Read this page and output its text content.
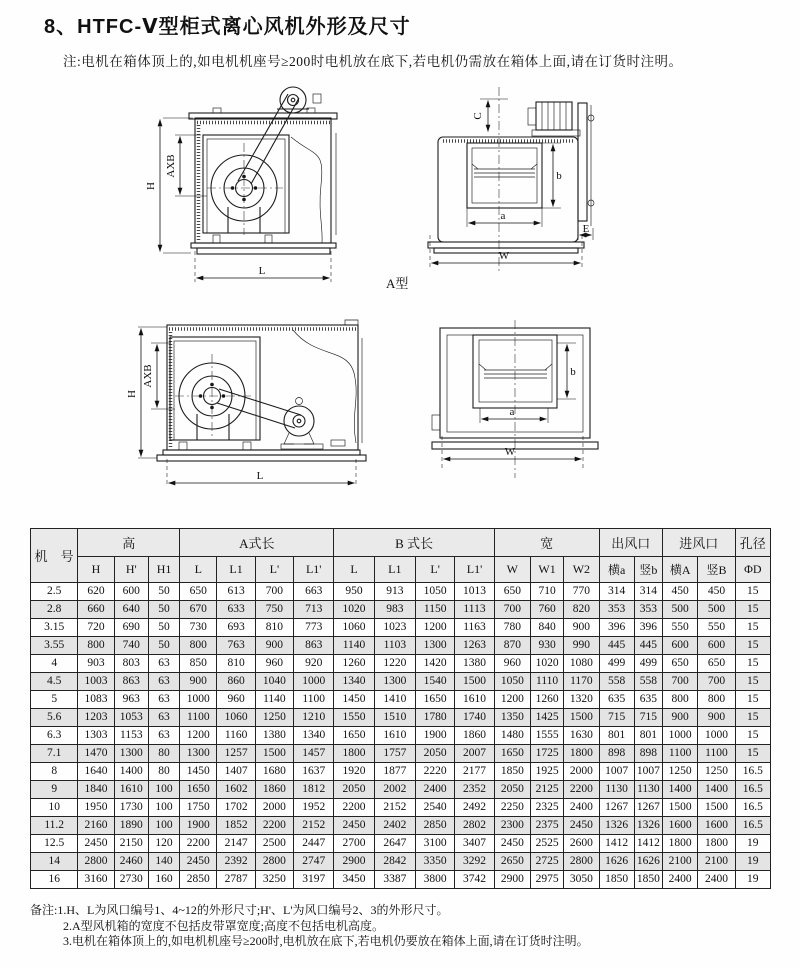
8、HTFC-Ⅴ型柜式离心风机外形及尺寸
注:电机在箱体顶上的,如电机机座号≥200时电机放在底下,若电机仍需放在箱体上面,请在订货时注明。
H
AXB
L
C
b
a
E
W
A型
H
AXB
L
b
a
W
机　号	高			A式长				B 式长				宽			出风口		进风口		孔径
	H	H'	H1	L	L1	L'	L1'	L	L1	L'	L1'	W	W1	W2	横a	竖b	横A	竖B	ΦD
2.5	620	600	50	650	613	700	663	950	913	1050	1013	650	710	770	314	314	450	450	15
2.8	660	640	50	670	633	750	713	1020	983	1150	1113	700	760	820	353	353	500	500	15
3.15	720	690	50	730	693	810	773	1060	1023	1200	1163	780	840	900	396	396	550	550	15
3.55	800	740	50	800	763	900	863	1140	1103	1300	1263	870	930	990	445	445	600	600	15
4	903	803	63	850	810	960	920	1260	1220	1420	1380	960	1020	1080	499	499	650	650	15
4.5	1003	863	63	900	860	1040	1000	1340	1300	1540	1500	1050	1110	1170	558	558	700	700	15
5	1083	963	63	1000	960	1140	1100	1450	1410	1650	1610	1200	1260	1320	635	635	800	800	15
5.6	1203	1053	63	1100	1060	1250	1210	1550	1510	1780	1740	1350	1425	1500	715	715	900	900	15
6.3	1303	1153	63	1200	1160	1380	1340	1650	1610	1900	1860	1480	1555	1630	801	801	1000	1000	15
7.1	1470	1300	80	1300	1257	1500	1457	1800	1757	2050	2007	1650	1725	1800	898	898	1100	1100	15
8	1640	1400	80	1450	1407	1680	1637	1920	1877	2220	2177	1850	1925	2000	1007	1007	1250	1250	16.5
9	1840	1610	100	1650	1602	1860	1812	2050	2002	2400	2352	2050	2125	2200	1130	1130	1400	1400	16.5
10	1950	1730	100	1750	1702	2000	1952	2200	2152	2540	2492	2250	2325	2400	1267	1267	1500	1500	16.5
11.2	2160	1890	100	1900	1852	2200	2152	2450	2402	2850	2802	2300	2375	2450	1326	1326	1600	1600	16.5
12.5	2450	2150	120	2200	2147	2500	2447	2700	2647	3100	3407	2450	2525	2600	1412	1412	1800	1800	19
14	2800	2460	140	2450	2392	2800	2747	2900	2842	3350	3292	2650	2725	2800	1626	1626	2100	2100	19
16	3160	2730	160	2850	2787	3250	3197	3450	3387	3800	3742	2900	2975	3050	1850	1850	2400	2400	19
备注:1.H、L为风口编号1、4~12的外形尺寸;H'、L'为风口编号2、3的外形尺寸。
2.A型风机箱的宽度不包括皮带罩宽度;高度不包括电机高度。
3.电机在箱体顶上的,如电机机座号≥200时,电机放在底下,若电机仍要放在箱体上面,请在订货时注明。
